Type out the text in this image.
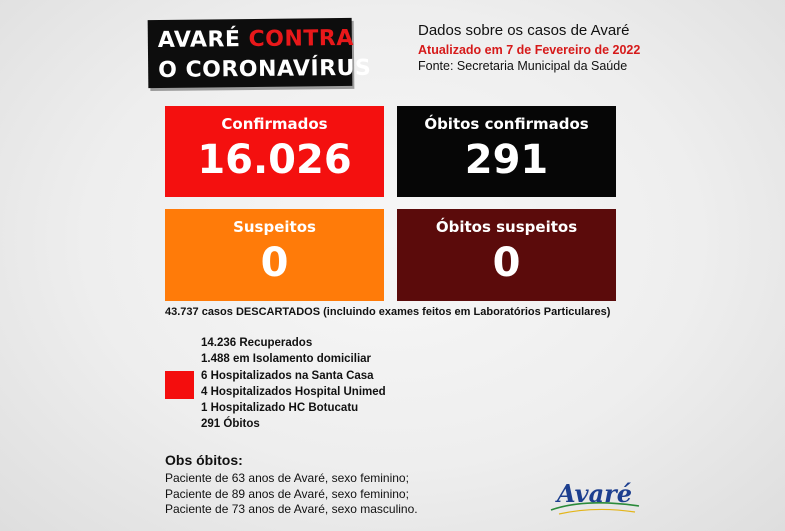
AVARÉ CONTRA
O CORONAVÍRUS
Dados sobre os casos de Avaré
Atualizado em 7 de Fevereiro de 2022
Fonte: Secretaria Municipal da Saúde
Confirmados
16.026
Óbitos confirmados
291
Suspeitos
0
Óbitos suspeitos
0
43.737 casos DESCARTADOS (incluindo exames feitos em Laboratórios Particulares)
14.236 Recuperados
1.488 em Isolamento domiciliar
6 Hospitalizados na Santa Casa
4 Hospitalizados Hospital Unimed
1 Hospitalizado HC Botucatu
291 Óbitos
Obs óbitos:
Paciente de 63 anos de Avaré, sexo feminino;
Paciente de 89 anos de Avaré, sexo feminino;
Paciente de 73 anos de Avaré, sexo masculino.
Avaré
